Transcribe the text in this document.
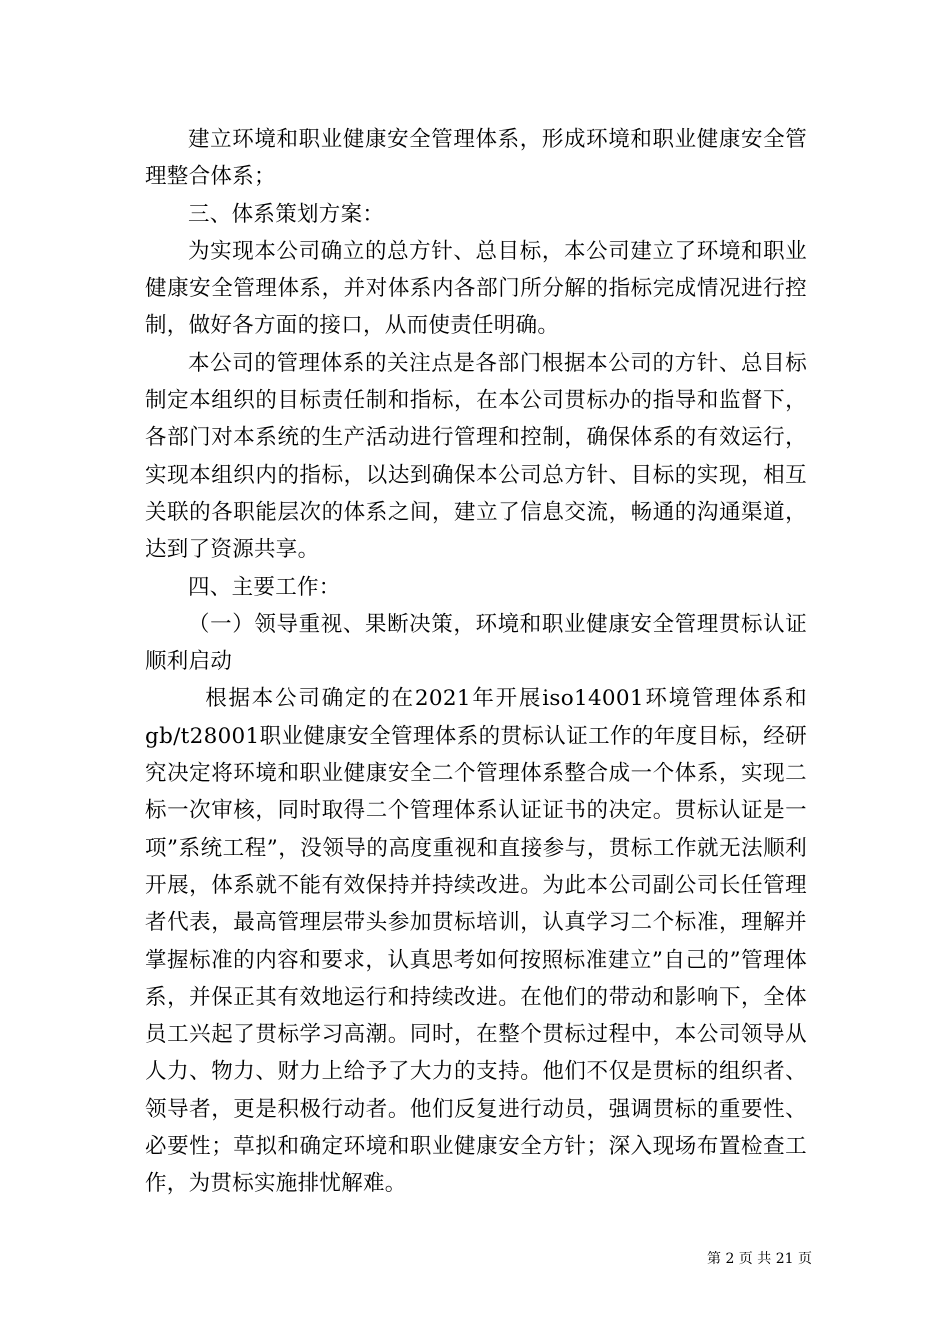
建立环境和职业健康安全管理体系，形成环境和职业健康安全管理整合体系；

三、体系策划方案：

为实现本公司确立的总方针、总目标，本公司建立了环境和职业健康安全管理体系，并对体系内各部门所分解的指标完成情况进行控制，做好各方面的接口，从而使责任明确。

本公司的管理体系的关注点是各部门根据本公司的方针、总目标制定本组织的目标责任制和指标，在本公司贯标办的指导和监督下，各部门对本系统的生产活动进行管理和控制，确保体系的有效运行，实现本组织内的指标，以达到确保本公司总方针、目标的实现，相互关联的各职能层次的体系之间，建立了信息交流，畅通的沟通渠道，达到了资源共享。

四、主要工作：

（一）领导重视、果断决策，环境和职业健康安全管理贯标认证顺利启动

根据本公司确定的在2021年开展iso14001环境管理体系和gb/t28001职业健康安全管理体系的贯标认证工作的年度目标，经研究决定将环境和职业健康安全二个管理体系整合成一个体系，实现二标一次审核，同时取得二个管理体系认证证书的决定。贯标认证是一项”系统工程”，没领导的高度重视和直接参与，贯标工作就无法顺利开展，体系就不能有效保持并持续改进。为此本公司副公司长任管理者代表，最高管理层带头参加贯标培训，认真学习二个标准，理解并掌握标准的内容和要求，认真思考如何按照标准建立”自己的”管理体系，并保正其有效地运行和持续改进。在他们的带动和影响下，全体员工兴起了贯标学习高潮。同时，在整个贯标过程中，本公司领导从人力、物力、财力上给予了大力的支持。他们不仅是贯标的组织者、领导者，更是积极行动者。他们反复进行动员，强调贯标的重要性、必要性；草拟和确定环境和职业健康安全方针；深入现场布置检查工作，为贯标实施排忧解难。

第 2 页 共 21 页
